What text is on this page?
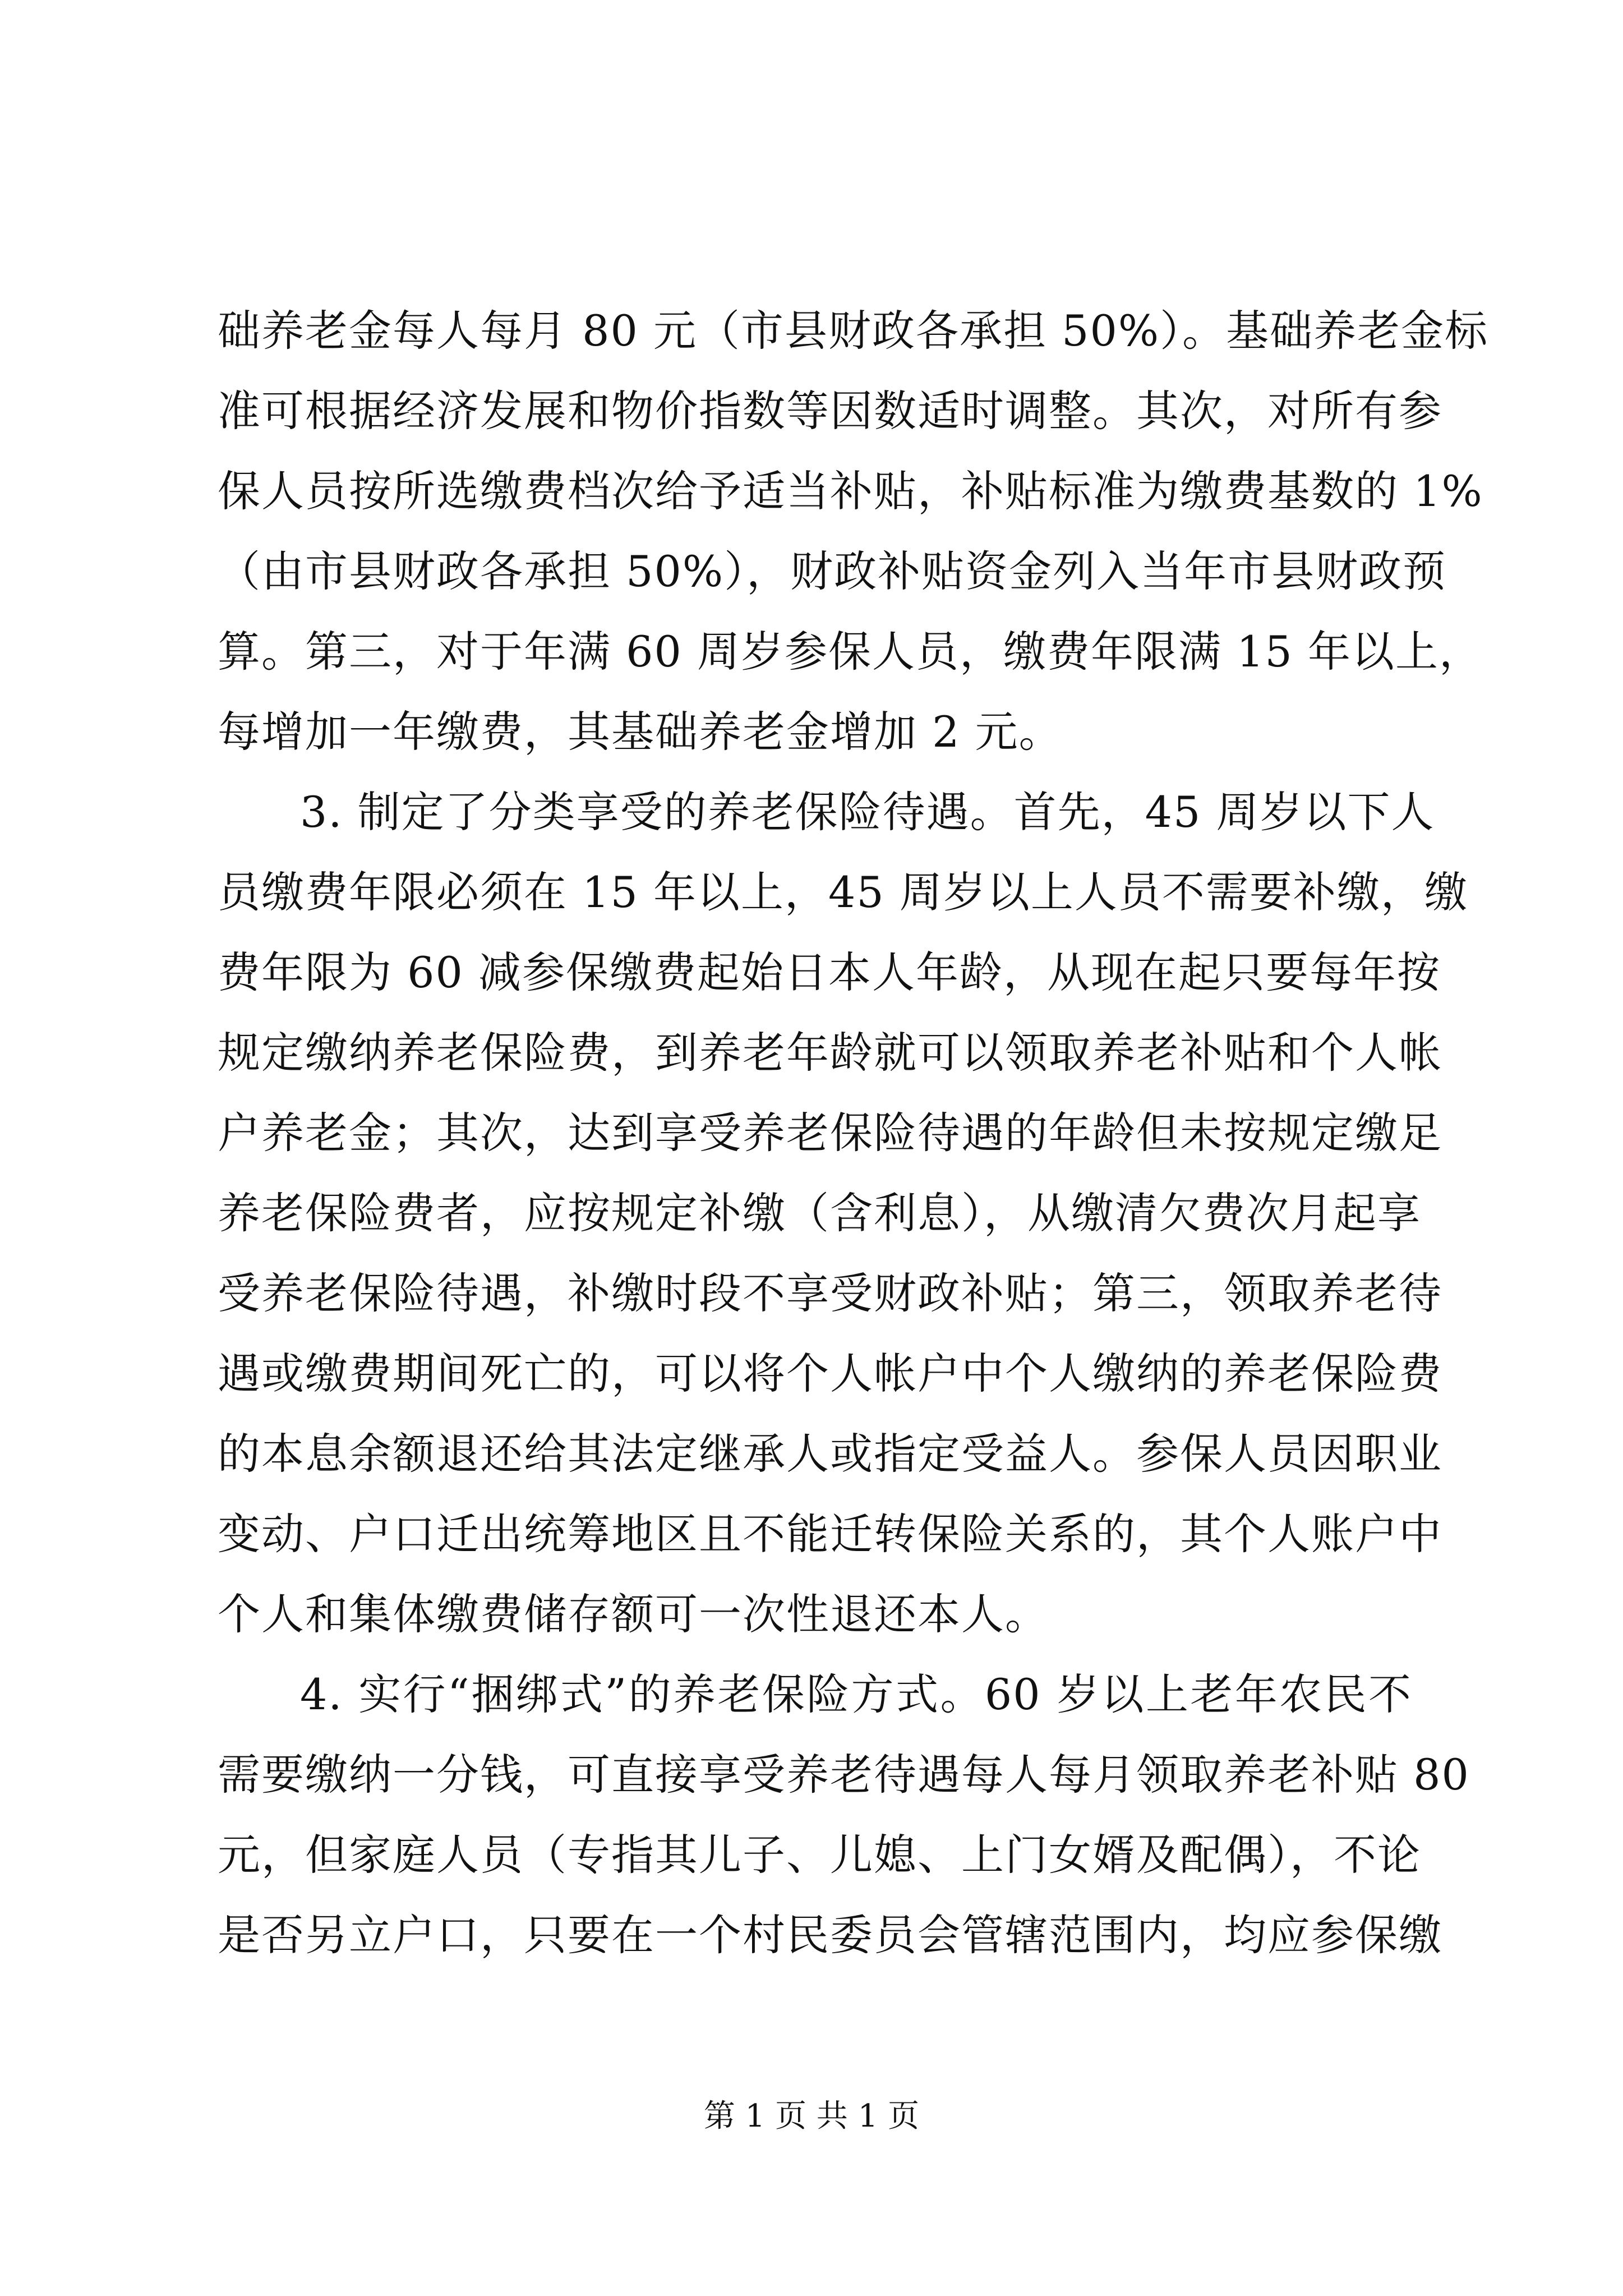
础养老金每人每月 80 元（市县财政各承担 50%）。基础养老金标
准可根据经济发展和物价指数等因数适时调整。其次，对所有参
保人员按所选缴费档次给予适当补贴，补贴标准为缴费基数的 1%
（由市县财政各承担 50%），财政补贴资金列入当年市县财政预
算。第三，对于年满 60 周岁参保人员，缴费年限满 15 年以上，
每增加一年缴费，其基础养老金增加 2 元。
3. 制定了分类享受的养老保险待遇。首先，45 周岁以下人
员缴费年限必须在 15 年以上，45 周岁以上人员不需要补缴，缴
费年限为 60 减参保缴费起始日本人年龄，从现在起只要每年按
规定缴纳养老保险费，到养老年龄就可以领取养老补贴和个人帐
户养老金；其次，达到享受养老保险待遇的年龄但未按规定缴足
养老保险费者，应按规定补缴（含利息），从缴清欠费次月起享
受养老保险待遇，补缴时段不享受财政补贴；第三，领取养老待
遇或缴费期间死亡的，可以将个人帐户中个人缴纳的养老保险费
的本息余额退还给其法定继承人或指定受益人。参保人员因职业
变动、户口迁出统筹地区且不能迁转保险关系的，其个人账户中
个人和集体缴费储存额可一次性退还本人。
4. 实行“捆绑式”的养老保险方式。60 岁以上老年农民不
需要缴纳一分钱，可直接享受养老待遇每人每月领取养老补贴 80
元，但家庭人员（专指其儿子、儿媳、上门女婿及配偶），不论
是否另立户口，只要在一个村民委员会管辖范围内，均应参保缴
第 1 页 共 1 页
